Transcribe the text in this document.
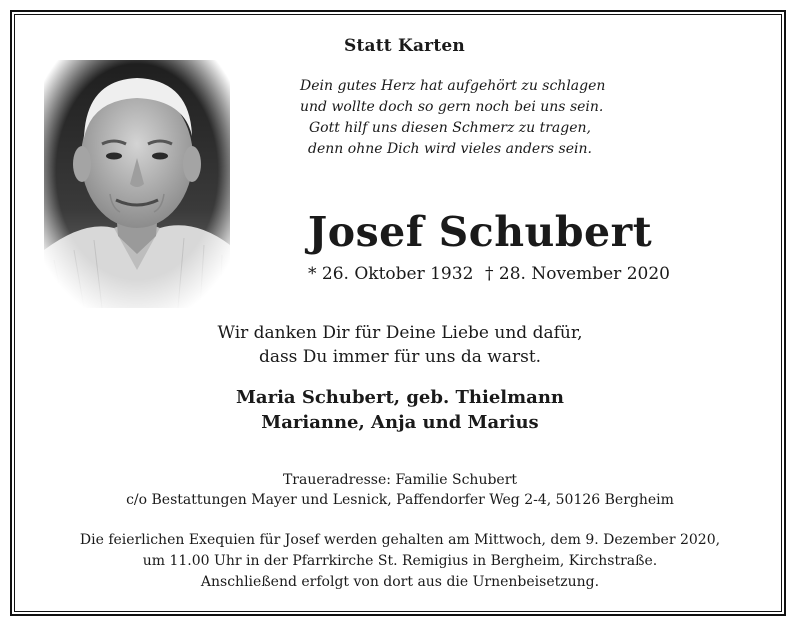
Statt Karten
Dein gutes Herz hat aufgehört zu schlagen
und wollte doch so gern noch bei uns sein.
Gott hilf uns diesen Schmerz zu tragen,
denn ohne Dich wird vieles anders sein.
Josef Schubert
* 26. Oktober 1932 † 28. November 2020
Wir danken Dir für Deine Liebe und dafür,
dass Du immer für uns da warst.
Maria Schubert, geb. Thielmann
Marianne, Anja und Marius
Traueradresse: Familie Schubert
c/o Bestattungen Mayer und Lesnick, Paffendorfer Weg 2-4, 50126 Bergheim
Die feierlichen Exequien für Josef werden gehalten am Mittwoch, dem 9. Dezember 2020,
um 11.00 Uhr in der Pfarrkirche St. Remigius in Bergheim, Kirchstraße.
Anschließend erfolgt von dort aus die Urnenbeisetzung.
